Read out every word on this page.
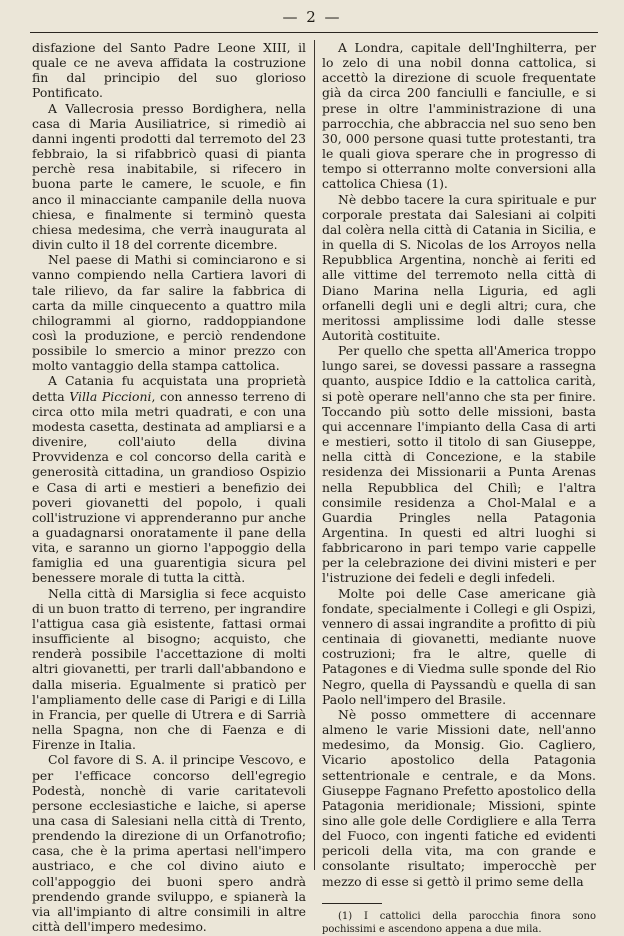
— 2 —

disfazione del Santo Padre Leone XIII, il quale ce ne aveva affidata la costruzione fin dal principio del suo glorioso Pontificato.

A Vallecrosia presso Bordighera, nella casa di Maria Ausiliatrice, si rimediò ai danni ingenti prodotti dal terremoto del 23 febbraio, la si rifabbricò quasi di pianta perchè resa inabitabile, si rifecero in buona parte le camere, le scuole, e fin anco il minacciante campanile della nuova chiesa, e finalmente si terminò questa chiesa medesima, che verrà inaugurata al divin culto il 18 del corrente dicembre.

Nel paese di Mathi si cominciarono e si vanno compiendo nella Cartiera lavori di tale rilievo, da far salire la fabbrica di carta da mille cinquecento a quattro mila chilogrammi al giorno, raddoppiandone così la produzione, e perciò rendendone possibile lo smercio a minor prezzo con molto vantaggio della stampa cattolica.

A Catania fu acquistata una proprietà detta Villa Piccioni, con annesso terreno di circa otto mila metri quadrati, e con una modesta casetta, destinata ad ampliarsi e a divenire, coll'aiuto della divina Provvidenza e col concorso della carità e generosità cittadina, un grandioso Ospizio e Casa di arti e mestieri a benefizio dei poveri giovanetti del popolo, i quali coll'istruzione vi apprenderanno pur anche a guadagnarsi onoratamente il pane della vita, e saranno un giorno l'appoggio della famiglia ed una guarentigia sicura pel benessere morale di tutta la città.

Nella città di Marsiglia si fece acquisto di un buon tratto di terreno, per ingrandire l'attigua casa già esistente, fattasi ormai insufficiente al bisogno; acquisto, che renderà possibile l'accettazione di molti altri giovanetti, per trarli dall'abbandono e dalla miseria. Egualmente si praticò per l'ampliamento delle case di Parigi e di Lilla in Francia, per quelle di Utrera e di Sarrià nella Spagna, non che di Faenza e di Firenze in Italia.

Col favore di S. A. il principe Vescovo, e per l'efficace concorso dell'egregio Podestà, nonchè di varie caritatevoli persone ecclesiastiche e laiche, si aperse una casa di Salesiani nella città di Trento, prendendo la direzione di un Orfanotrofio; casa, che è la prima apertasi nell'impero austriaco, e che col divino aiuto e coll'appoggio dei buoni spero andrà prendendo grande sviluppo, e spianerà la via all'impianto di altre consimili in altre città dell'impero medesimo.

A Londra, capitale dell'Inghilterra, per lo zelo di una nobil donna cattolica, si accettò la direzione di scuole frequentate già da circa 200 fanciulli e fanciulle, e si prese in oltre l'amministrazione di una parrocchia, che abbraccia nel suo seno ben 30, 000 persone quasi tutte protestanti, tra le quali giova sperare che in progresso di tempo si otterranno molte conversioni alla cattolica Chiesa (1).

Nè debbo tacere la cura spirituale e pur corporale prestata dai Salesiani ai colpiti dal colèra nella città di Catania in Sicilia, e in quella di S. Nicolas de los Arroyos nella Repubblica Argentina, nonchè ai feriti ed alle vittime del terremoto nella città di Diano Marina nella Liguria, ed agli orfanelli degli uni e degli altri; cura, che meritossi amplissime lodi dalle stesse Autorità costituite.

Per quello che spetta all'America troppo lungo sarei, se dovessi passare a rassegna quanto, auspice Iddio e la cattolica carità, si potè operare nell'anno che sta per finire. Toccando più sotto delle missioni, basta qui accennare l'impianto della Casa di arti e mestieri, sotto il titolo di san Giuseppe, nella città di Concezione, e la stabile residenza dei Missionarii a Punta Arenas nella Repubblica del Chilì; e l'altra consimile residenza a Chol-Malal e a Guardia Pringles nella Patagonia Argentina. In questi ed altri luoghi si fabbricarono in pari tempo varie cappelle per la celebrazione dei divini misteri e per l'istruzione dei fedeli e degli infedeli.

Molte poi delle Case americane già fondate, specialmente i Collegi e gli Ospizi, vennero di assai ingrandite a profitto di più centinaia di giovanetti, mediante nuove costruzioni; fra le altre, quelle di Patagones e di Viedma sulle sponde del Rio Negro, quella di Payssandù e quella di san Paolo nell'impero del Brasile.

Nè posso ommettere di accennare almeno le varie Missioni date, nell'anno medesimo, da Monsig. Gio. Cagliero, Vicario apostolico della Patagonia settentrionale e centrale, e da Mons. Giuseppe Fagnano Prefetto apostolico della Patagonia meridionale; Missioni, spinte sino alle gole delle Cordigliere e alla Terra del Fuoco, con ingenti fatiche ed evidenti pericoli della vita, ma con grande e consolante risultato; imperocchè per mezzo di esse si gettò il primo seme della

(1) I cattolici della parocchia finora sono pochissimi e ascendono appena a due mila.
